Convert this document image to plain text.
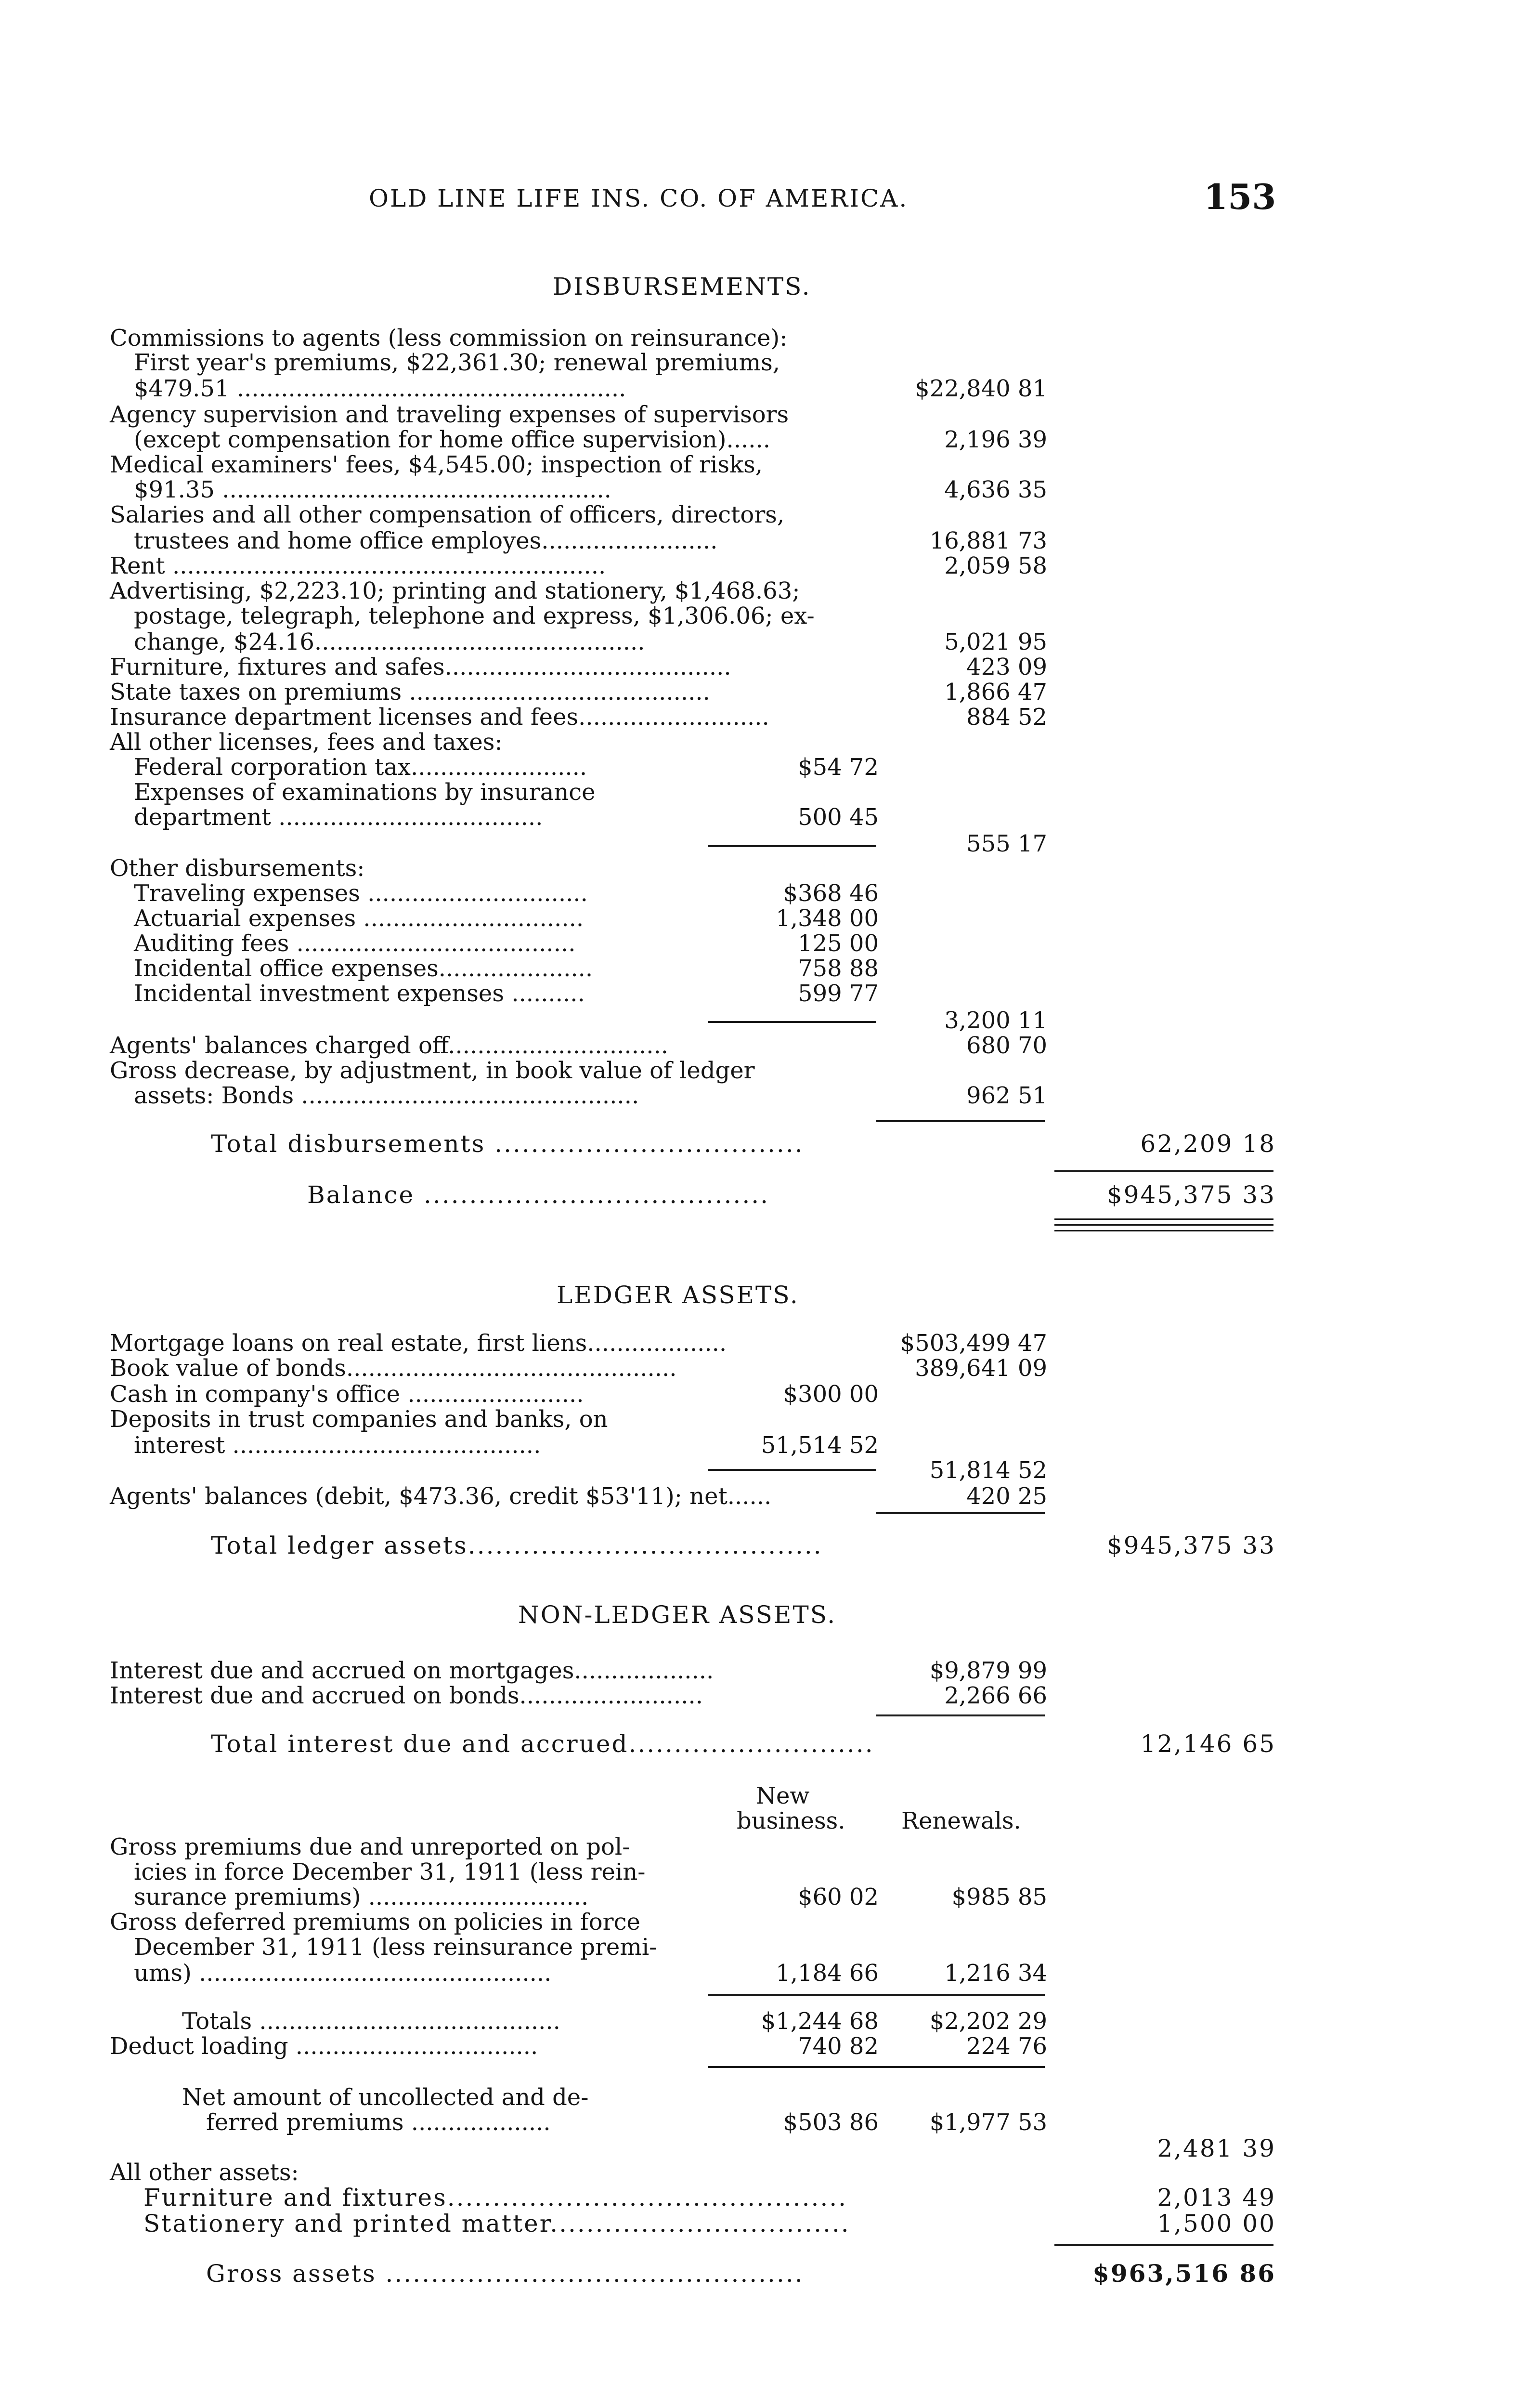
OLD LINE LIFE INS. CO. OF AMERICA.	153
DISBURSEMENTS.
Commissions to agents (less commission on reinsurance):
First year's premiums, $22,361.30; renewal premiums,
$479.51 .....................................................	$22,840 81
Agency supervision and traveling expenses of supervisors
(except compensation for home office supervision)......	2,196 39
Medical examiners' fees, $4,545.00; inspection of risks,
$91.35 .....................................................	4,636 35
Salaries and all other compensation of officers, directors,
trustees and home office employes........................	16,881 73
Rent ...........................................................	2,059 58
Advertising, $2,223.10; printing and stationery, $1,468.63;
postage, telegraph, telephone and express, $1,306.06; ex-
change, $24.16.............................................	5,021 95
Furniture, fixtures and safes.......................................	423 09
State taxes on premiums .........................................	1,866 47
Insurance department licenses and fees..........................	884 52
All other licenses, fees and taxes:
Federal corporation tax........................	$54 72
Expenses of examinations by insurance
department ....................................	500 45
555 17
Other disbursements:
Traveling expenses ..............................	$368 46
Actuarial expenses ..............................	1,348 00
Auditing fees ......................................	125 00
Incidental office expenses.....................	758 88
Incidental investment expenses ..........	599 77
3,200 11
Agents' balances charged off..............................	680 70
Gross decrease, by adjustment, in book value of ledger
assets: Bonds ..............................................	962 51
Total disbursements ..................................	62,209 18
Balance ......................................	$945,375 33
LEDGER ASSETS.
Mortgage loans on real estate, first liens...................	$503,499 47
Book value of bonds.............................................	389,641 09
Cash in company's office ........................	$300 00
Deposits in trust companies and banks, on
interest ..........................................	51,514 52
51,814 52
Agents' balances (debit, $473.36, credit $53'11); net......	420 25
Total ledger assets.......................................	$945,375 33
NON-LEDGER ASSETS.
Interest due and accrued on mortgages...................	$9,879 99
Interest due and accrued on bonds.........................	2,266 66
Total interest due and accrued...........................	12,146 65
New
business. Renewals.
Gross premiums due and unreported on pol-
icies in force December 31, 1911 (less rein-
surance premiums) ..............................	$60 02	$985 85
Gross deferred premiums on policies in force
December 31, 1911 (less reinsurance premi-
ums) ................................................	1,184 66	1,216 34
Totals .........................................	$1,244 68	$2,202 29
Deduct loading .................................	740 82	224 76
Net amount of uncollected and de-
ferred premiums ...................	$503 86	$1,977 53
2,481 39
All other assets:
Furniture and fixtures............................................	2,013 49
Stationery and printed matter.................................	1,500 00
Gross assets ..............................................	$963,516 86
